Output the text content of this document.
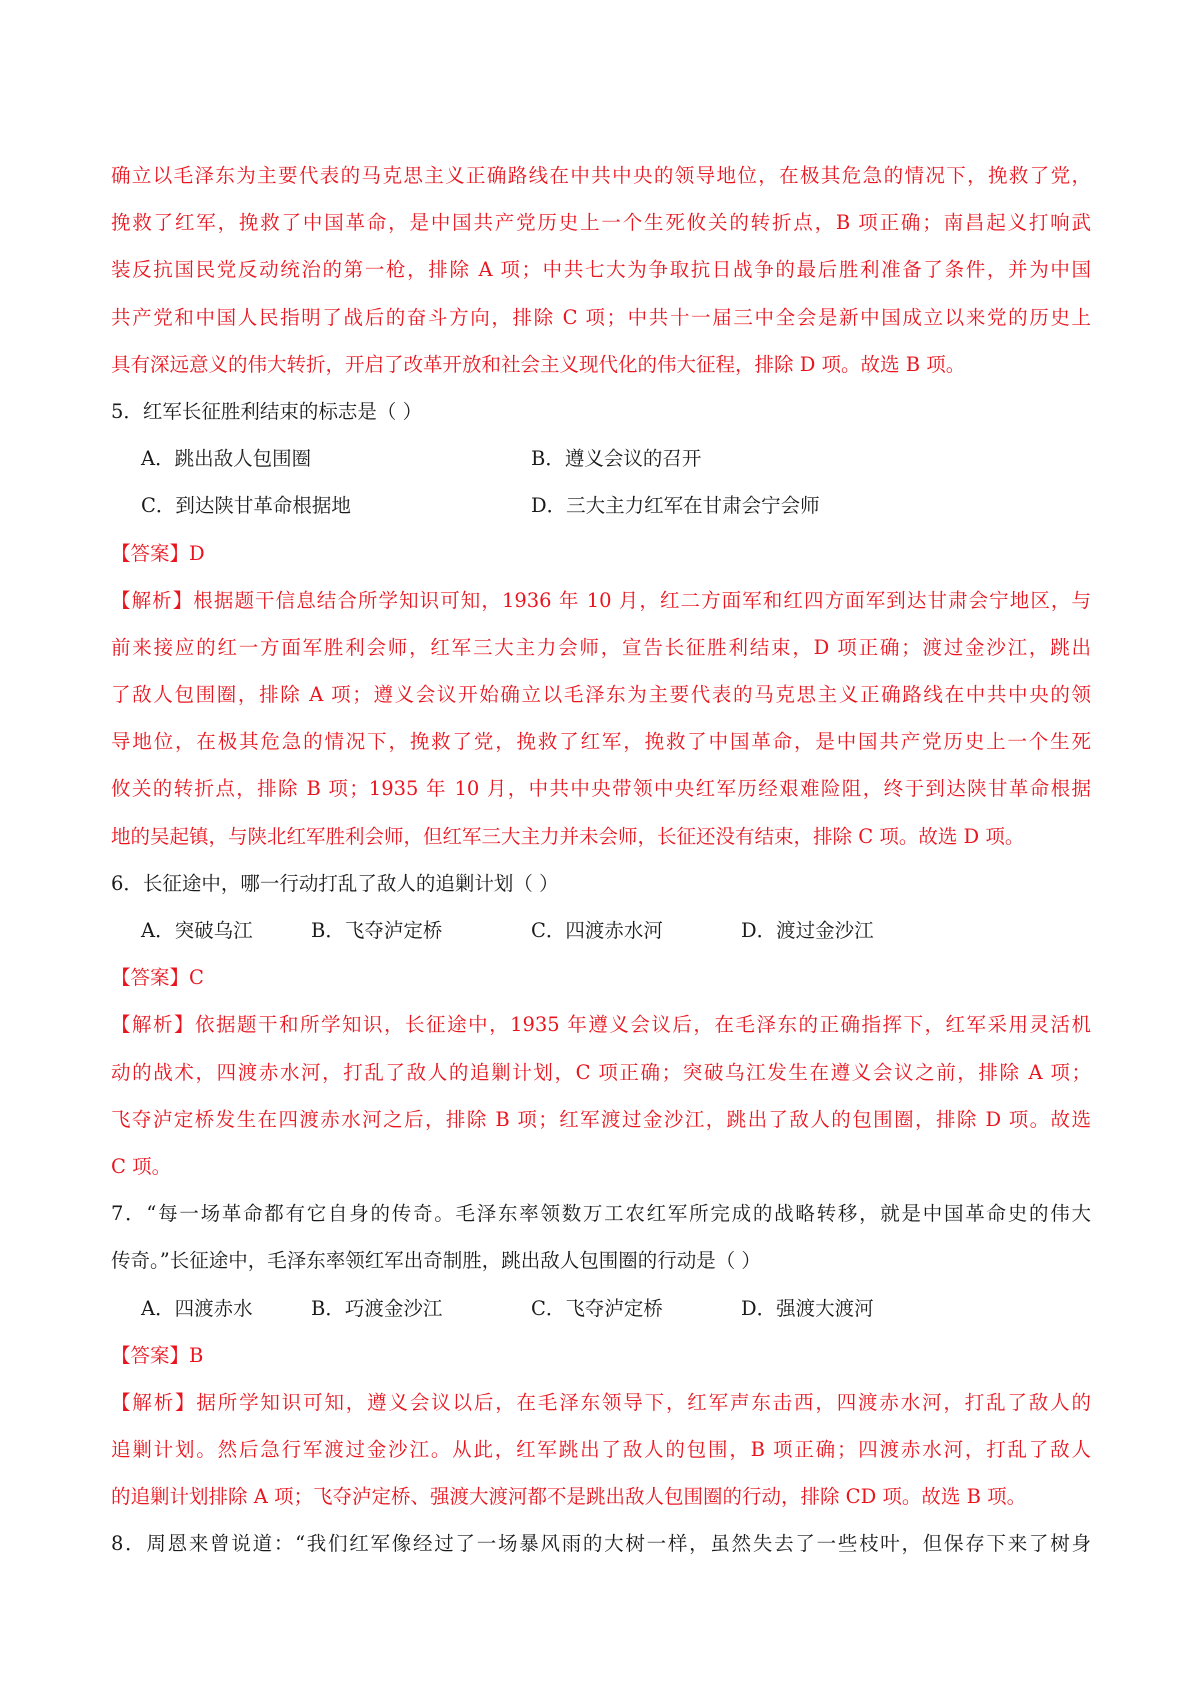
确立以毛泽东为主要代表的马克思主义正确路线在中共中央的领导地位，在极其危急的情况下，挽救了党，
挽救了红军，挽救了中国革命，是中国共产党历史上一个生死攸关的转折点，B 项正确；南昌起义打响武
装反抗国民党反动统治的第一枪，排除 A 项；中共七大为争取抗日战争的最后胜利准备了条件，并为中国
共产党和中国人民指明了战后的奋斗方向，排除 C 项；中共十一届三中全会是新中国成立以来党的历史上
具有深远意义的伟大转折，开启了改革开放和社会主义现代化的伟大征程，排除 D 项。故选 B 项。
5．红军长征胜利结束的标志是（ ）
A．跳出敌人包围圈	B．遵义会议的召开
C．到达陕甘革命根据地	D．三大主力红军在甘肃会宁会师
【答案】D
【解析】根据题干信息结合所学知识可知，1936 年 10 月，红二方面军和红四方面军到达甘肃会宁地区，与
前来接应的红一方面军胜利会师，红军三大主力会师，宣告长征胜利结束，D 项正确；渡过金沙江，跳出
了敌人包围圈，排除 A 项；遵义会议开始确立以毛泽东为主要代表的马克思主义正确路线在中共中央的领
导地位，在极其危急的情况下，挽救了党，挽救了红军，挽救了中国革命，是中国共产党历史上一个生死
攸关的转折点，排除 B 项；1935 年 10 月，中共中央带领中央红军历经艰难险阻，终于到达陕甘革命根据
地的吴起镇，与陕北红军胜利会师，但红军三大主力并未会师，长征还没有结束，排除 C 项。故选 D 项。
6．长征途中，哪一行动打乱了敌人的追剿计划（ ）
A．突破乌江	B．飞夺泸定桥	C．四渡赤水河	D．渡过金沙江
【答案】C
【解析】依据题干和所学知识，长征途中，1935 年遵义会议后，在毛泽东的正确指挥下，红军采用灵活机
动的战术，四渡赤水河，打乱了敌人的追剿计划，C 项正确；突破乌江发生在遵义会议之前，排除 A 项；
飞夺泸定桥发生在四渡赤水河之后，排除 B 项；红军渡过金沙江，跳出了敌人的包围圈，排除 D 项。故选
C 项。
7．“每一场革命都有它自身的传奇。毛泽东率领数万工农红军所完成的战略转移，就是中国革命史的伟大
传奇。”长征途中，毛泽东率领红军出奇制胜，跳出敌人包围圈的行动是（ ）
A．四渡赤水	B．巧渡金沙江	C．飞夺泸定桥	D．强渡大渡河
【答案】B
【解析】据所学知识可知，遵义会议以后，在毛泽东领导下，红军声东击西，四渡赤水河，打乱了敌人的
追剿计划。然后急行军渡过金沙江。从此，红军跳出了敌人的包围，B 项正确；四渡赤水河，打乱了敌人
的追剿计划排除 A 项；飞夺泸定桥、强渡大渡河都不是跳出敌人包围圈的行动，排除 CD 项。故选 B 项。
8．周恩来曾说道：“我们红军像经过了一场暴风雨的大树一样，虽然失去了一些枝叶，但保存下来了树身
